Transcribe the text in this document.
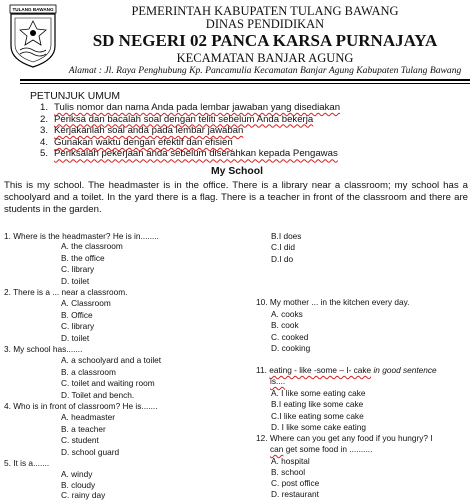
TULANG BAWANG	PEMERINTAH KABUPATEN TULANG BAWANG
DINAS PENDIDIKAN
SD NEGERI 02 PANCA KARSA PURNAJAYA
KECAMATAN BANJAR AGUNG
Alamat : Jl. Raya Penghubung Kp. Pancamulia Kecamatan Banjar Agung Kabupaten Tulang Bawang
PETUNJUK UMUM
1. Tulis nomor dan nama Anda pada lembar jawaban yang disediakan
2. Periksa dan bacalah soal dengan teliti sebelum Anda bekerja
3. Kerjakanlah soal anda pada lembar jawaban
4. Gunakan waktu dengan efektif dan efisien
5. Periksalah pekerjaan anda sebelum diserahkan kepada Pengawas
My School

This is my school. The headmaster is in the office. There is a library near a classroom; my school has a schoolyard and a toilet. In the yard there is a flag. There is a teacher in front of the classroom and there are students in the garden.

1. Where is the headmaster? He is in........
A. the classroom
B. the office
C. library
D. toilet
2. There is a ... near a classroom.
A. Classroom
B. Office
C. library
D. toilet
3. My school has.......
A. a schoolyard and a toilet
B. a classroom
C. toilet and waiting room
D. Toilet and bench.
4. Who is in front of classroom? He is.......
A. headmaster
B. a teacher
C. student
D. school guard
5. It is a.......
A. windy
B. cloudy
C. rainy day
B.I does
C.I did
D.I do
10. My mother ... in the kitchen every day.
A. cooks
B. cook
C. cooked
D. cooking
11. eating - like -some – I- cake in good sentence
is....
A. I like some eating cake
B.I eating like some cake
C.I like eating some cake
D. I like some cake eating
12. Where can you get any food if you hungry? I
can get some food in ..........
A. hospital
B. school
C. post office
D. restaurant
